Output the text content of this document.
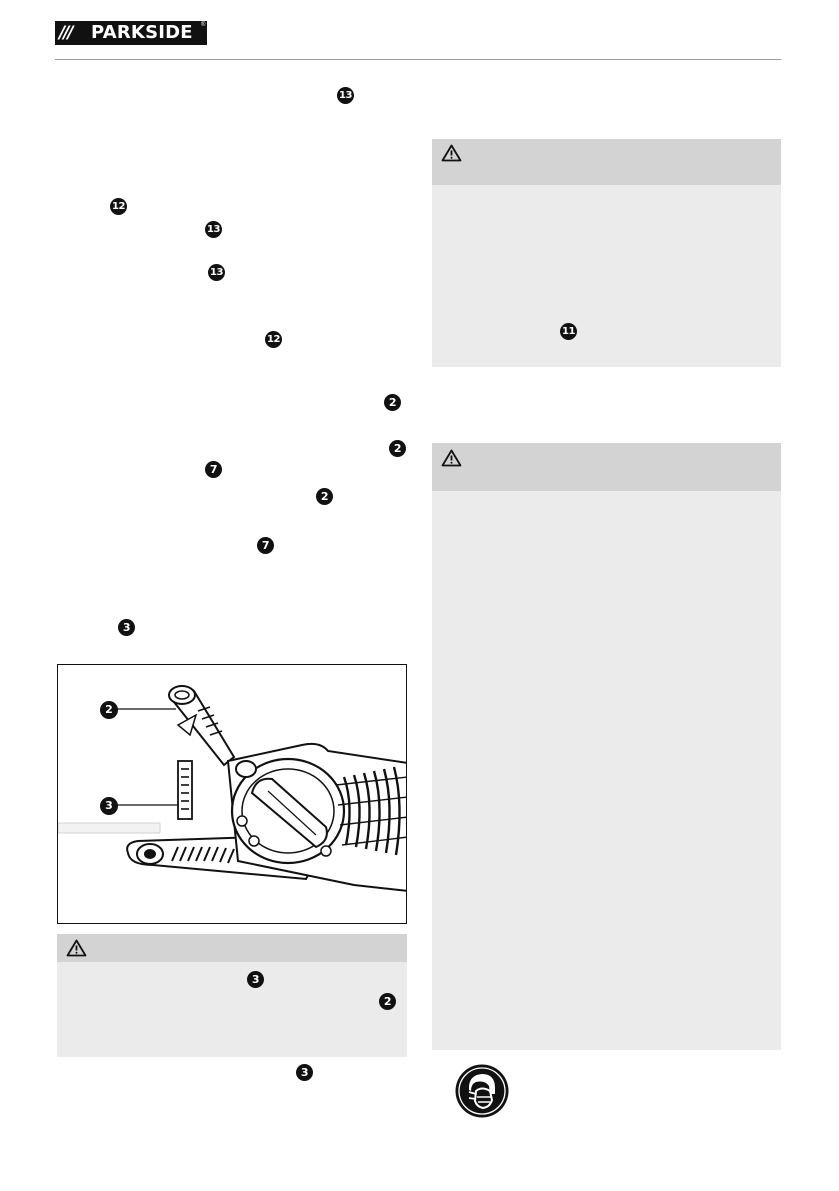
/// PARKSIDE ®
13
12
13
13
12
2
2
7
2
7
3
2
3
3
2
3
11
